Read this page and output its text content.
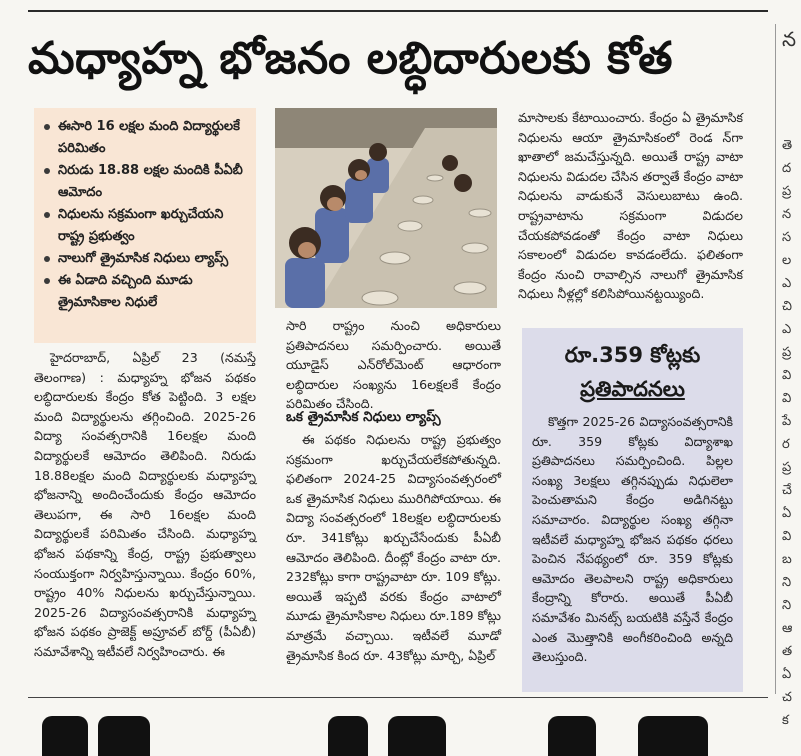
మధ్యాహ్న భోజనం లబ్ధిదారులకు కోత	న
తె
ద
ప్ర
న
స
ల
ఎ
చి
ఎ
ప్ర
వి
వి
పే
ర
ప్ర
చే
ఏ
వి
బ
ని
ని
ఆ
త
ఏ
చ
క
ఈసారి 16 లక్షల మంది విద్యార్థులకే పరిమితం
నిరుడు 18.88 లక్షల మందికి పీఏబీ ఆమోదం
నిధులను సక్రమంగా ఖర్చుచేయని రాష్ట్ర ప్రభుత్వం
నాలుగో త్రైమాసిక నిధులు ల్యాప్స్
ఈ ఏడాది వచ్చింది మూడు త్రైమాసికాల నిధులే
హైదరాబాద్, ఏప్రిల్ 23 (నమస్తే తెలంగాణ) : మధ్యాహ్న భోజన పథకం లబ్ధిదారులకు కేంద్రం కోత పెట్టింది. 3 లక్షల మంది విద్యార్థులను తగ్గించింది. 2025-26 విద్యా సంవత్సరానికి 16లక్షల మంది విద్యార్థులకే ఆమోదం తెలిపింది. నిరుడు 18.88లక్షల మంది విద్యార్థులకు మధ్యాహ్న భోజనాన్ని అందించేందుకు కేంద్రం ఆమోదం తెలుపగా, ఈ సారి 16లక్షల మంది విద్యార్థులకే పరిమితం చేసింది. మధ్యాహ్న భోజన పథకాన్ని కేంద్ర, రాష్ట్ర ప్రభుత్వాలు సంయుక్తంగా నిర్వహిస్తున్నాయి. కేంద్రం 60%, రాష్ట్రం 40% నిధులను ఖర్చుచేస్తున్నాయి. 2025-26 విద్యాసంవత్సరానికి మధ్యాహ్న భోజన పథకం ప్రాజెక్ట్ అప్రూవల్ బోర్డ్ (పీఏబీ) సమావేశాన్ని ఇటీవలే నిర్వహించారు. ఈ
సారి రాష్ట్రం నుంచి అధికారులు ప్రతిపాదనలు సమర్పించారు. అయితే యూడైస్ ఎన్‌రోల్‌మెంట్ ఆధారంగా లబ్ధిదారుల సంఖ్యను 16లక్షలకే కేంద్రం పరిమితం చేసింది.
ఒక త్రైమాసిక నిధులు ల్యాప్స్
ఈ పథకం నిధులను రాష్ట్ర ప్రభుత్వం సక్రమంగా ఖర్చుచేయలేకపోతున్నది. ఫలితంగా 2024-25 విద్యాసంవత్సరంలో ఒక త్రైమాసిక నిధులు మురిగిపోయాయి. ఈ విద్యా సంవత్సరంలో 18లక్షల లబ్ధిదారులకు రూ. 341కోట్లు ఖర్చుచేసేందుకు పీఏబీ ఆమోదం తెలిపింది. దీంట్లో కేంద్రం వాటా రూ. 232కోట్లు కాగా రాష్ట్రవాటా రూ. 109 కోట్లు. అయితే ఇప్పటి వరకు కేంద్రం వాటాలో మూడు త్రైమాసికాల నిధులు రూ.189 కోట్లు మాత్రమే వచ్చాయి. ఇటీవలే మూడో త్రైమాసిక కింద రూ. 43కోట్లు మార్చి, ఏప్రిల్
మాసాలకు కేటాయించారు. కేంద్రం ఏ త్రైమాసిక నిధులను ఆయా త్రైమాసికంలో రెండ న్‌గా ఖాతాలో జమచేస్తున్నది. అయితే రాష్ట్ర వాటా నిధులను విడుదల చేసిన తర్వాతే కేంద్రం వాటా నిధులను వాడుకునే వెసులుబాటు ఉంది. రాష్ట్రవాటాను సక్రమంగా విడుదల చేయకపోవడంతో కేంద్రం వాటా నిధులు సకాలంలో విడుదల కావడంలేదు. ఫలితంగా కేంద్రం నుంచి రావాల్సిన నాలుగో త్రైమాసిక నిధులు నీళ్లల్లో కలిసిపోయినట్టయ్యింది.
రూ.359 కోట్లకు
ప్రతిపాదనలు
కొత్తగా 2025-26 విద్యాసంవత్సరానికి రూ. 359 కోట్లకు విద్యాశాఖ ప్రతిపాదనలు సమర్పించింది. పిల్లల సంఖ్య 3లక్షలు తగ్గినప్పుడు నిధులెలా పెంచుతామని కేంద్రం అడిగినట్టు సమాచారం. విద్యార్థుల సంఖ్య తగ్గినా ఇటీవలే మధ్యాహ్న భోజన పథకం ధరలు పెంచిన నేపథ్యంలో రూ. 359 కోట్లకు ఆమోదం తెలపాలని రాష్ట్ర అధికారులు కేంద్రాన్ని కోరారు. అయితే పీఏబీ సమావేశం మినట్స్ బయటికి వస్తేనే కేంద్రం ఎంత మొత్తానికి అంగీకరించింది అన్నది తెలుస్తుంది.
